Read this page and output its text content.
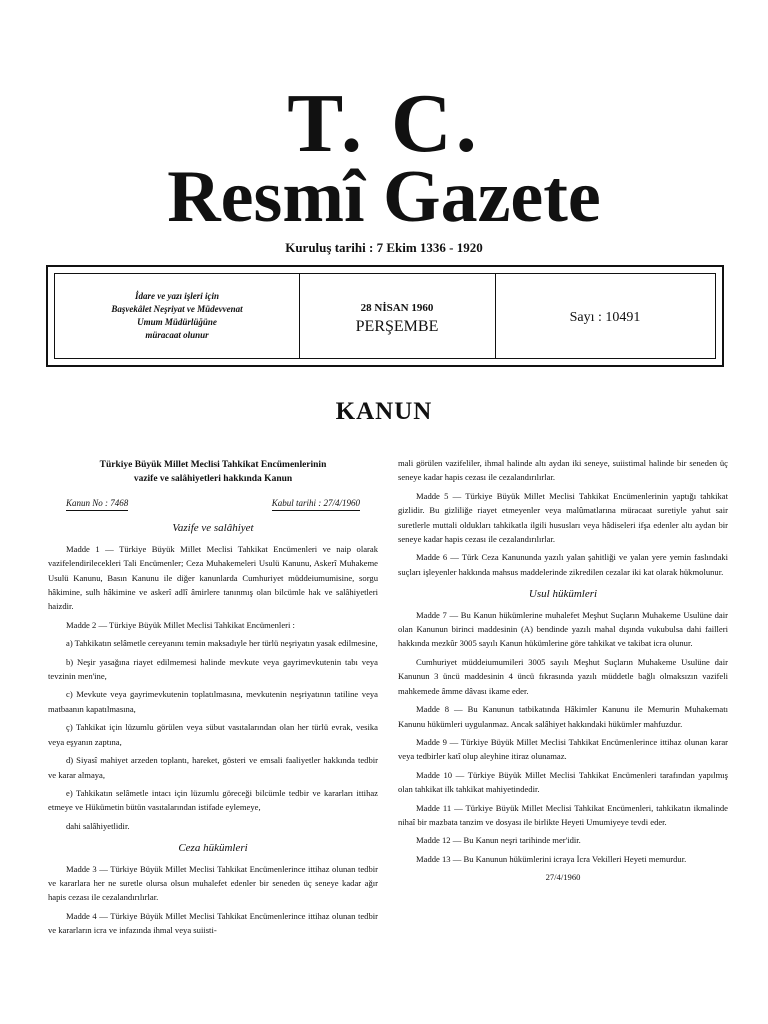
T. C.
Resmî Gazete
Kuruluş tarihi : 7 Ekim 1336 - 1920
İdare ve yazı işleri için
Başvekâlet Neşriyat ve Müdevvenat
Umum Müdürlüğüne
müracaat olunur
28 NİSAN 1960
PERŞEMBE
Sayı : 10491
KANUN
Türkiye Büyük Millet Meclisi Tahkikat Encümenlerinin
vazife ve salâhiyetleri hakkında Kanun
Kanun No : 7468	Kabul tarihi : 27/4/1960
Vazife ve salâhiyet

Madde 1 — Türkiye Büyük Millet Meclisi Tahkikat Encümenleri ve naip olarak vazifelendirilecekleri Tali Encümenler; Ceza Muhakemeleri Usulü Kanunu, Askerî Muhakeme Usulü Kanunu, Basın Kanunu ile diğer kanunlarda Cumhuriyet müddeiumumisine, sorgu hâkimine, sulh hâkimine ve askerî adlî âmirlere tanınmış olan bilcümle hak ve salâhiyetleri haizdir.

Madde 2 — Türkiye Büyük Millet Meclisi Tahkikat Encümenleri :

a) Tahkikatın selâmetle cereyanını temin maksadıyle her türlü neşriyatın yasak edilmesine,

b) Neşir yasağına riayet edilmemesi halinde mevkute veya gayrimevkutenin tabı veya tevzinin men'ine,

c) Mevkute veya gayrimevkutenin toplatılmasına, mevkutenin neşriyatının tatiline veya matbaanın kapatılmasına,

ç) Tahkikat için lüzumlu görülen veya sübut vasıtalarından olan her türlü evrak, vesika veya eşyanın zaptına,

d) Siyasî mahiyet arzeden toplantı, hareket, gösteri ve emsali faaliyetler hakkında tedbir ve karar almaya,

e) Tahkikatın selâmetle intacı için lüzumlu göreceği bilcümle tedbir ve kararları ittihaz etmeye ve Hükümetin bütün vasıtalarından istifade eylemeye,

dahi salâhiyetlidir.

Ceza hükümleri

Madde 3 — Türkiye Büyük Millet Meclisi Tahkikat Encümenlerince ittihaz olunan tedbir ve kararlara her ne suretle olursa olsun muhalefet edenler bir seneden üç seneye kadar ağır hapis cezası ile cezalandırılırlar.

Madde 4 — Türkiye Büyük Millet Meclisi Tahkikat Encümenlerince ittihaz olunan tedbir ve kararların icra ve infazında ihmal veya suiisti-

mali görülen vazifeliler, ihmal halinde altı aydan iki seneye, suiistimal halinde bir seneden üç seneye kadar hapis cezası ile cezalandırılırlar.

Madde 5 — Türkiye Büyük Millet Meclisi Tahkikat Encümenlerinin yaptığı tahkikat gizlidir. Bu gizliliğe riayet etmeyenler veya malûmatlarına müracaat suretiyle yahut sair suretlerle muttali oldukları tahkikatla ilgili hususları veya hâdiseleri ifşa edenler altı aydan bir seneye kadar hapis cezası ile cezalandırılırlar.

Madde 6 — Türk Ceza Kanununda yazılı yalan şahitliği ve yalan yere yemin faslındaki suçları işleyenler hakkında mahsus maddelerinde zikredilen cezalar iki kat olarak hükmolunur.

Usul hükümleri

Madde 7 — Bu Kanun hükümlerine muhalefet Meşhut Suçların Muhakeme Usulüne dair olan Kanunun birinci maddesinin (A) bendinde yazılı mahal dışında vukubulsa dahi failleri hakkında mezkûr 3005 sayılı Kanun hükümlerine göre tahkikat ve takibat icra olunur.

Cumhuriyet müddeiumumileri 3005 sayılı Meşhut Suçların Muhakeme Usulüne dair Kanunun 3 üncü maddesinin 4 üncü fıkrasında yazılı müddetle bağlı olmaksızın vazifeli mahkemede âmme dâvası ikame eder.

Madde 8 — Bu Kanunun tatbikatında Hâkimler Kanunu ile Memurin Muhakematı Kanunu hükümleri uygulanmaz. Ancak salâhiyet hakkındaki hükümler mahfuzdur.

Madde 9 — Türkiye Büyük Millet Meclisi Tahkikat Encümenlerince ittihaz olunan karar veya tedbirler katî olup aleyhine itiraz olunamaz.

Madde 10 — Türkiye Büyük Millet Meclisi Tahkikat Encümenleri tarafından yapılmış olan tahkikat ilk tahkikat mahiyetindedir.

Madde 11 — Türkiye Büyük Millet Meclisi Tahkikat Encümenleri, tahkikatın ikmalinde nihaî bir mazbata tanzim ve dosyası ile birlikte Heyeti Umumiyeye tevdi eder.

Madde 12 — Bu Kanun neşri tarihinde mer'idir.

Madde 13 — Bu Kanunun hükümlerini icraya İcra Vekilleri Heyeti memurdur.

27/4/1960
